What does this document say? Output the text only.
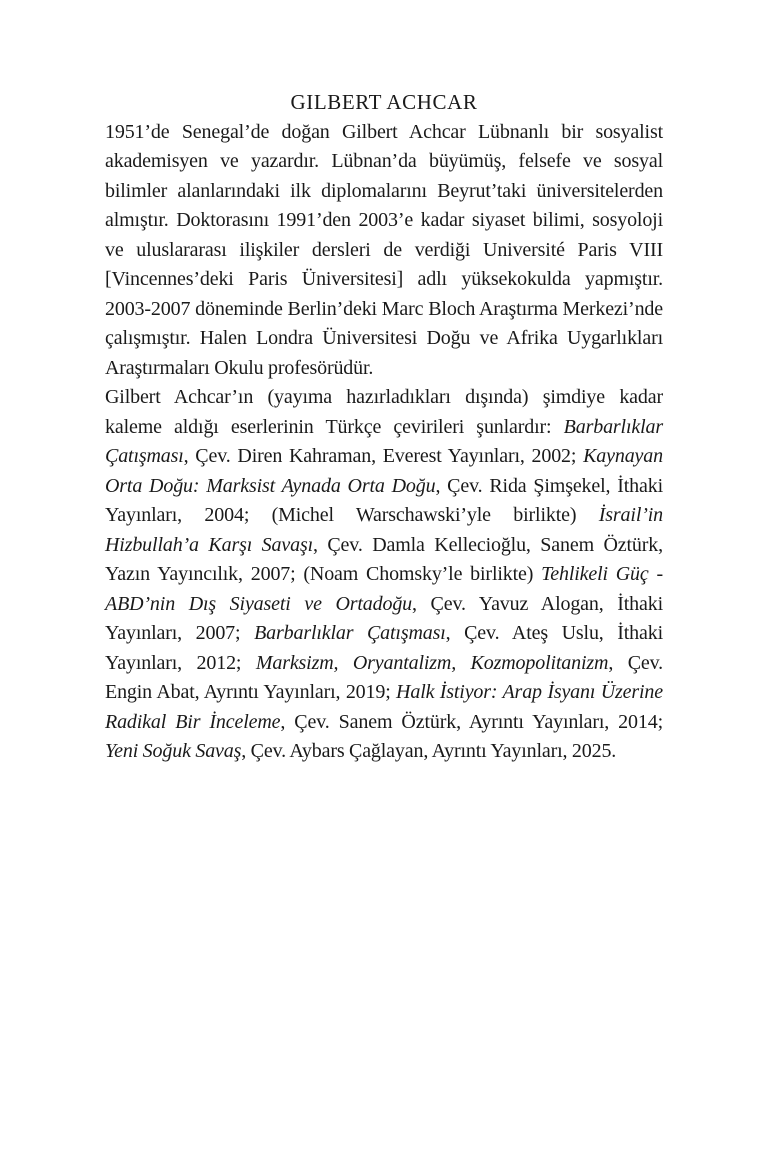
GILBERT ACHCAR

1951’de Senegal’de doğan Gilbert Achcar Lübnanlı bir sosyalist akademisyen ve yazardır. Lübnan’da büyümüş, felsefe ve sosyal bilimler alanlarındaki ilk diplomalarını Beyrut’taki üniversitelerden almıştır. Doktorasını 1991’den 2003’e kadar siyaset bilimi, sosyoloji ve uluslararası ilişkiler dersleri de verdiği Université Paris VIII [Vincennes’deki Paris Üniversitesi] adlı yüksekokulda yapmıştır. 2003-2007 döneminde Berlin’deki Marc Bloch Araştırma Merkezi’nde çalışmıştır. Halen Londra Üniversitesi Doğu ve Afrika Uygarlıkları Araştırmaları Okulu profesörüdür.

Gilbert Achcar’ın (yayıma hazırladıkları dışında) şimdiye kadar kaleme aldığı eserlerinin Türkçe çevirileri şunlardır: Barbarlıklar Çatışması, Çev. Diren Kahraman, Everest Yayınları, 2002; Kaynayan Orta Doğu: Marksist Aynada Orta Doğu, Çev. Rida Şimşekel, İthaki Yayınları, 2004; (Michel Warschawski’yle birlikte) İsrail’in Hizbullah’a Karşı Savaşı, Çev. Damla Kellecioğlu, Sanem Öztürk, Yazın Yayıncılık, 2007; (Noam Chomsky’le birlikte) Tehlikeli Güç - ABD’nin Dış Siyaseti ve Ortadoğu, Çev. Yavuz Alogan, İthaki Yayınları, 2007; Barbarlıklar Çatışması, Çev. Ateş Uslu, İthaki Yayınları, 2012; Marksizm, Oryantalizm, Kozmopolitanizm, Çev. Engin Abat, Ayrıntı Yayınları, 2019; Halk İstiyor: Arap İsyanı Üzerine Radikal Bir İnceleme, Çev. Sanem Öztürk, Ayrıntı Yayınları, 2014; Yeni Soğuk Savaş, Çev. Aybars Çağlayan, Ayrıntı Yayınları, 2025.
